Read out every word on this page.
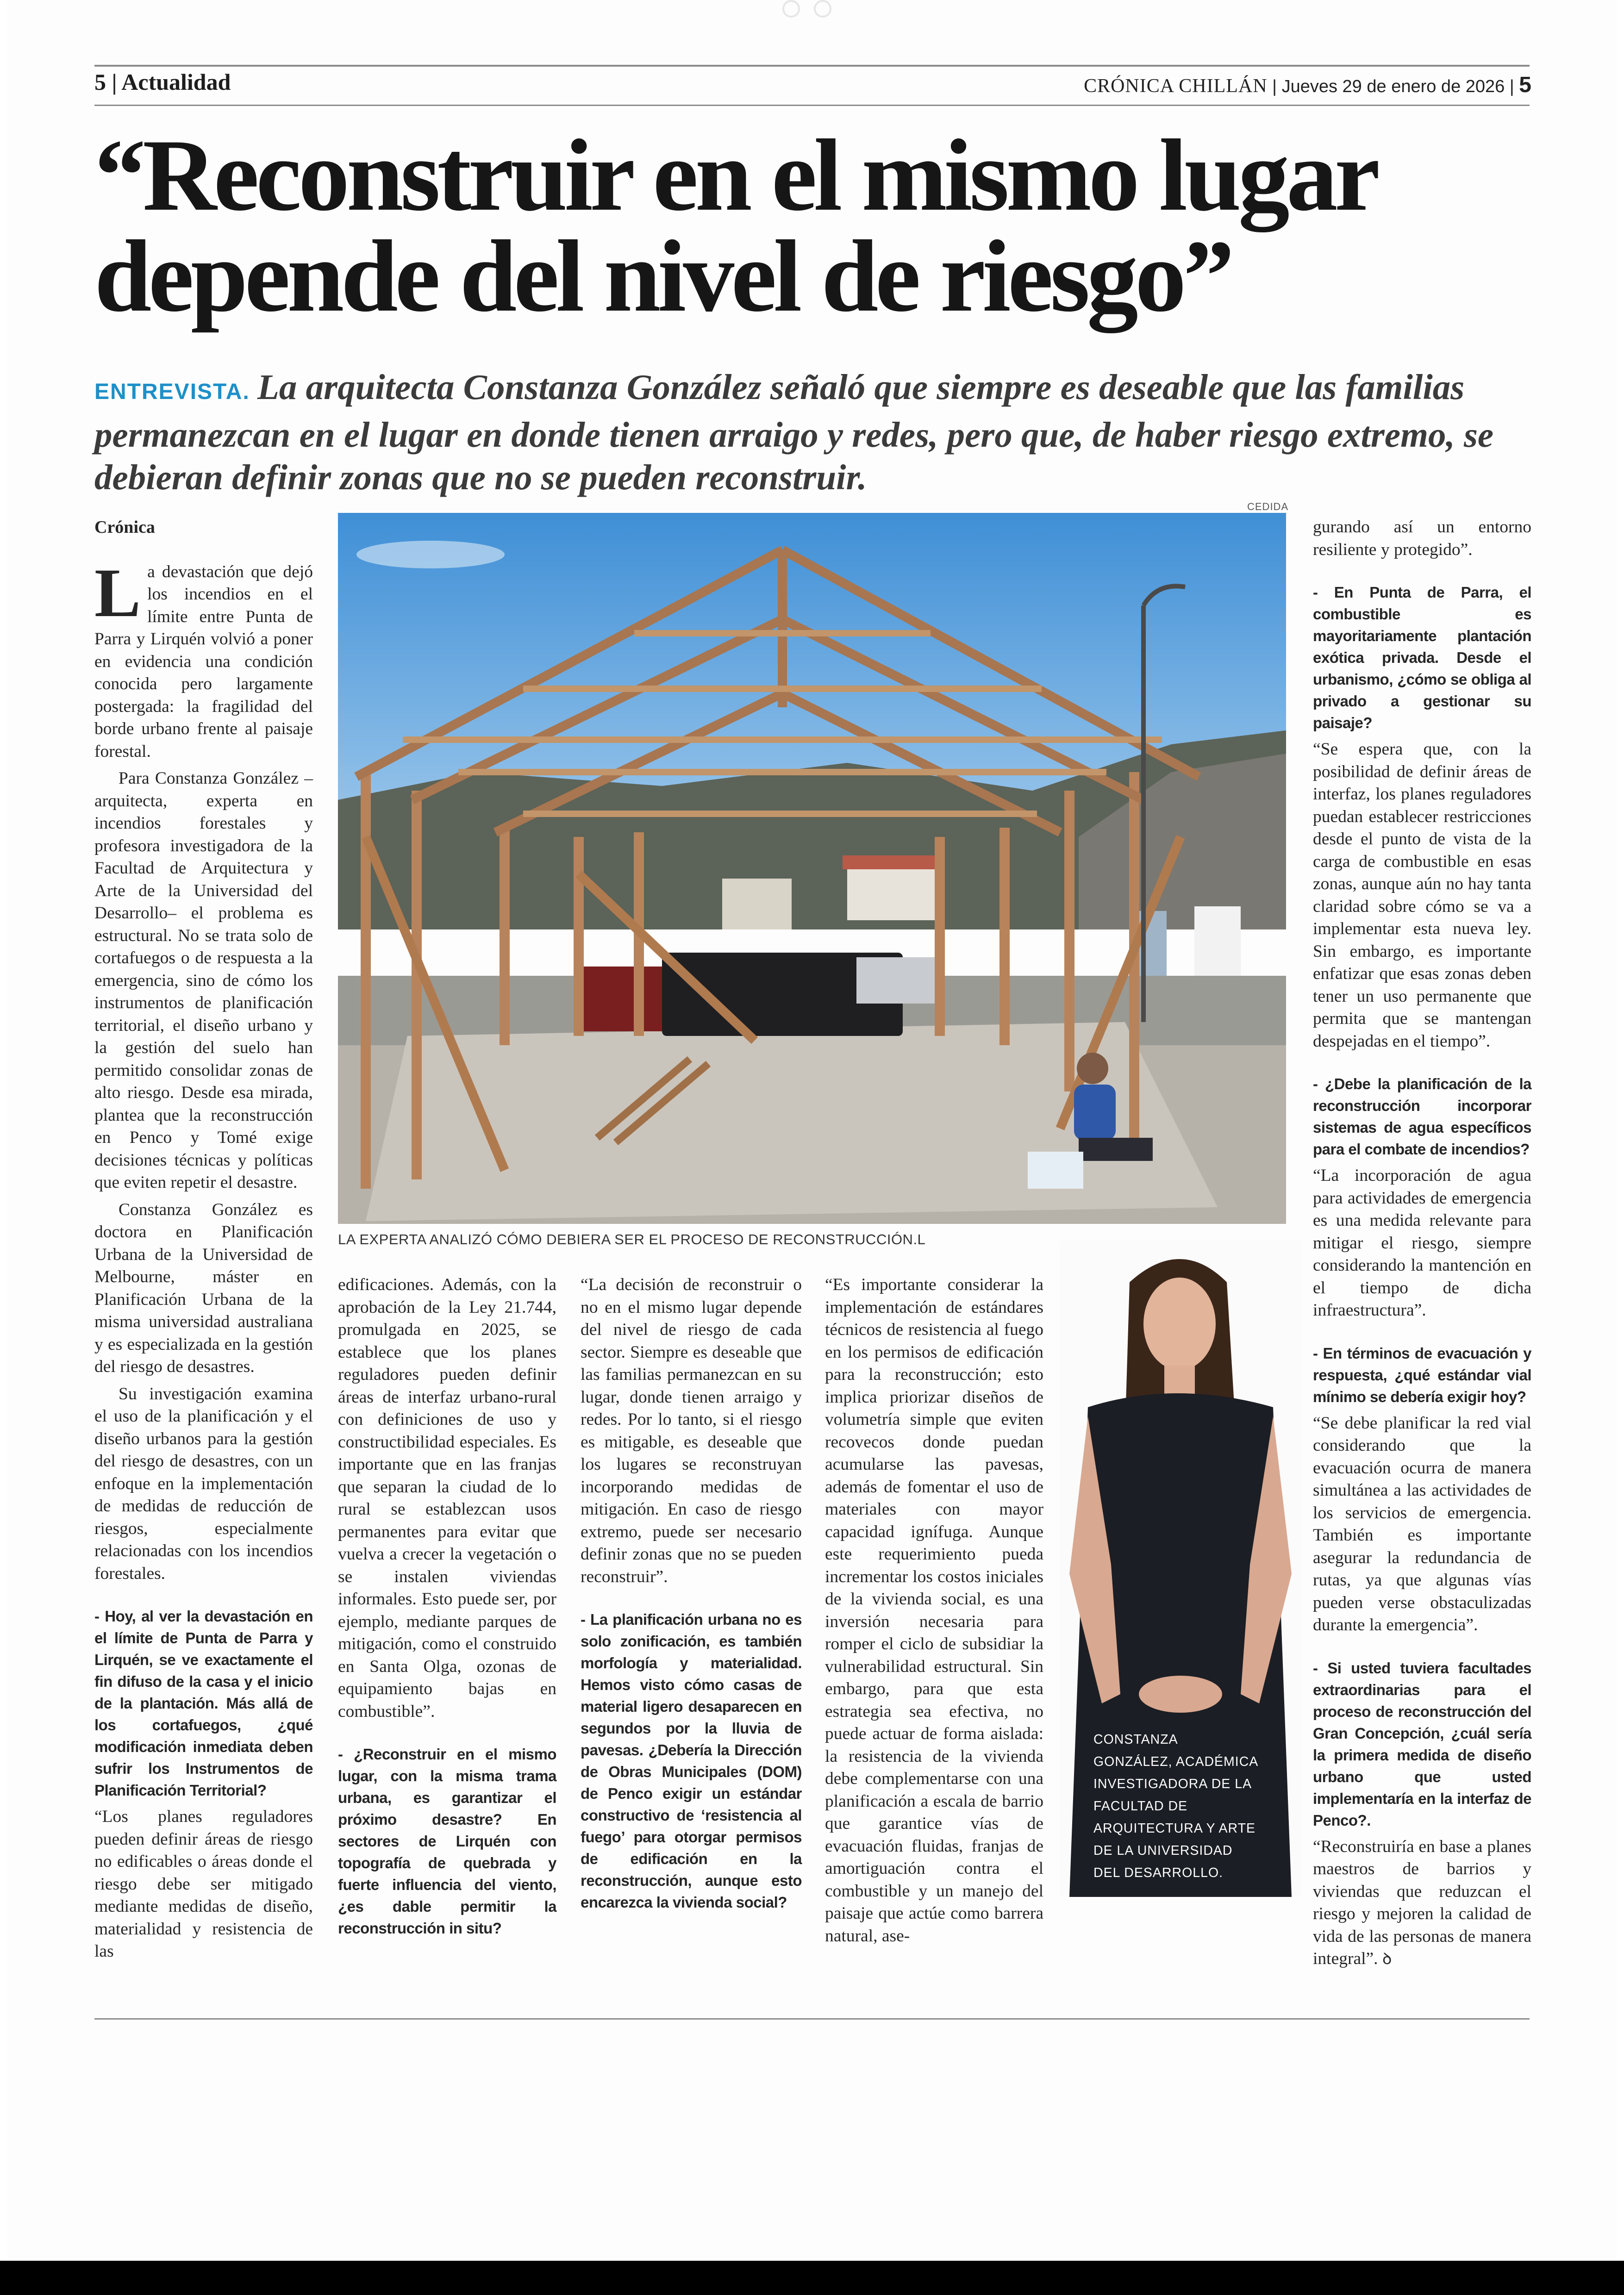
5 | Actualidad	CRÓNICA CHILLÁN | Jueves 29 de enero de 2026 | 5
“Reconstruir en el mismo lugar depende del nivel de riesgo”

ENTREVISTA. La arquitecta Constanza González señaló que siempre es deseable que las familias permanezcan en el lugar en donde tienen arraigo y redes, pero que, de haber riesgo extremo, se debieran definir zonas que no se pueden reconstruir.

Crónica

La devastación que dejó los incendios en el límite entre Punta de Parra y Lirquén volvió a poner en evidencia una condición conocida pero largamente postergada: la fragilidad del borde urbano frente al paisaje forestal.

Para Constanza González –arquitecta, experta en incendios forestales y profesora investigadora de la Facultad de Arquitectura y Arte de la Universidad del Desarrollo– el problema es estructural. No se trata solo de cortafuegos o de respuesta a la emergencia, sino de cómo los instrumentos de planificación territorial, el diseño urbano y la gestión del suelo han permitido consolidar zonas de alto riesgo. Desde esa mirada, plantea que la reconstrucción en Penco y Tomé exige decisiones técnicas y políticas que eviten repetir el desastre.

Constanza González es doctora en Planificación Urbana de la Universidad de Melbourne, máster en Planificación Urbana de la misma universidad australiana y es especializada en la gestión del riesgo de desastres.

Su investigación examina el uso de la planificación y el diseño urbanos para la gestión del riesgo de desastres, con un enfoque en la implementación de medidas de reducción de riesgos, especialmente relacionadas con los incendios forestales.

- Hoy, al ver la devastación en el límite de Punta de Parra y Lirquén, se ve exactamente el fin difuso de la casa y el inicio de la plantación. Más allá de los cortafuegos, ¿qué modificación inmediata deben sufrir los Instrumentos de Planificación Territorial?

“Los planes reguladores pueden definir áreas de riesgo no edificables o áreas donde el riesgo debe ser mitigado mediante medidas de diseño, materialidad y resistencia de las

CEDIDA
LA EXPERTA ANALIZÓ CÓMO DEBIERA SER EL PROCESO DE RECONSTRUCCIÓN.L

edificaciones. Además, con la aprobación de la Ley 21.744, promulgada en 2025, se establece que los planes reguladores pueden definir áreas de interfaz urbano-rural con definiciones de uso y constructibilidad especiales. Es importante que en las franjas que separan la ciudad de lo rural se establezcan usos permanentes para evitar que vuelva a crecer la vegetación o se instalen viviendas informales. Esto puede ser, por ejemplo, mediante parques de mitigación, como el construido en Santa Olga, ozonas de equipamiento bajas en combustible”.

- ¿Reconstruir en el mismo lugar, con la misma trama urbana, es garantizar el próximo desastre? En sectores de Lirquén con topografía de quebrada y fuerte influencia del viento, ¿es dable permitir la reconstrucción in situ?

“La decisión de reconstruir o no en el mismo lugar depende del nivel de riesgo de cada sector. Siempre es deseable que las familias permanezcan en su lugar, donde tienen arraigo y redes. Por lo tanto, si el riesgo es mitigable, es deseable que los lugares se reconstruyan incorporando medidas de mitigación. En caso de riesgo extremo, puede ser necesario definir zonas que no se pueden reconstruir”.

- La planificación urbana no es solo zonificación, es también morfología y materialidad. Hemos visto cómo casas de material ligero desaparecen en segundos por la lluvia de pavesas. ¿Debería la Dirección de Obras Municipales (DOM) de Penco exigir un estándar constructivo de ‘resistencia al fuego’ para otorgar permisos de edificación en la reconstrucción, aunque esto encarezca la vivienda social?

“Es importante considerar la implementación de estándares técnicos de resistencia al fuego en los permisos de edificación para la reconstrucción; esto implica priorizar diseños de volumetría simple que eviten recovecos donde puedan acumularse las pavesas, además de fomentar el uso de materiales con mayor capacidad ignífuga. Aunque este requerimiento pueda incrementar los costos iniciales de la vivienda social, es una inversión necesaria para romper el ciclo de subsidiar la vulnerabilidad estructural. Sin embargo, para que esta estrategia sea efectiva, no puede actuar de forma aislada: la resistencia de la vivienda debe complementarse con una planificación a escala de barrio que garantice vías de evacuación fluidas, franjas de amortiguación contra el combustible y un manejo del paisaje que actúe como barrera natural, ase-

CONSTANZA GONZÁLEZ, ACADÉMICA INVESTIGADORA DE LA FACULTAD DE ARQUITECTURA Y ARTE DE LA UNIVERSIDAD DEL DESARROLLO.

gurando así un entorno resiliente y protegido”.

- En Punta de Parra, el combustible es mayoritariamente plantación exótica privada. Desde el urbanismo, ¿cómo se obliga al privado a gestionar su paisaje?

“Se espera que, con la posibilidad de definir áreas de interfaz, los planes reguladores puedan establecer restricciones desde el punto de vista de la carga de combustible en esas zonas, aunque aún no hay tanta claridad sobre cómo se va a implementar esta nueva ley. Sin embargo, es importante enfatizar que esas zonas deben tener un uso permanente que permita que se mantengan despejadas en el tiempo”.

- ¿Debe la planificación de la reconstrucción incorporar sistemas de agua específicos para el combate de incendios?

“La incorporación de agua para actividades de emergencia es una medida relevante para mitigar el riesgo, siempre considerando la mantención en el tiempo de dicha infraestructura”.

- En términos de evacuación y respuesta, ¿qué estándar vial mínimo se debería exigir hoy?

“Se debe planificar la red vial considerando que la evacuación ocurra de manera simultánea a las actividades de los servicios de emergencia. También es importante asegurar la redundancia de rutas, ya que algunas vías pueden verse obstaculizadas durante la emergencia”.

- Si usted tuviera facultades extraordinarias para el proceso de reconstrucción del Gran Concepción, ¿cuál sería la primera medida de diseño urbano que usted implementaría en la interfaz de Penco?.

“Reconstruiría en base a planes maestros de barrios y viviendas que reduzcan el riesgo y mejoren la calidad de vida de las personas de manera integral”. ꝺ
